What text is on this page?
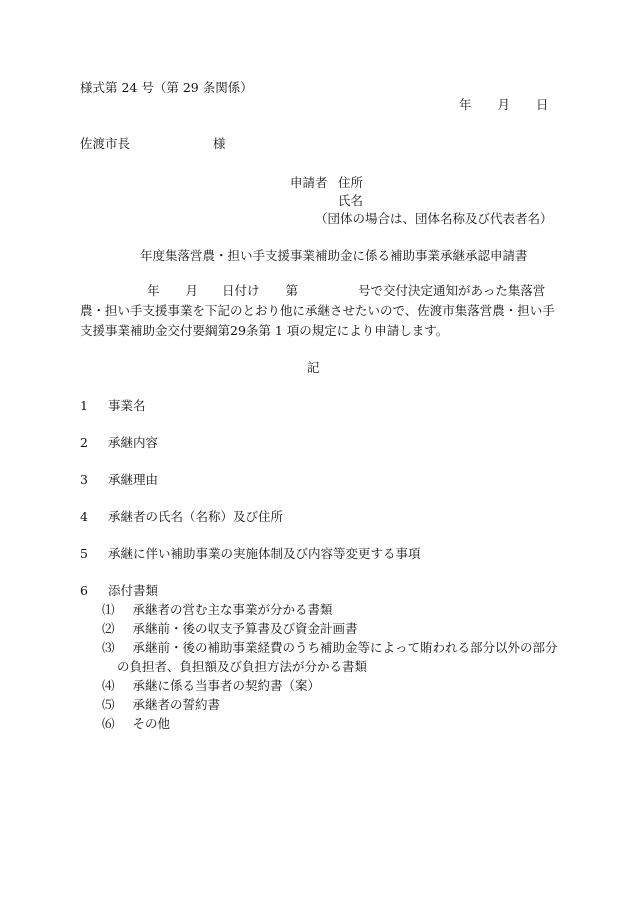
様式第 24 号（第 29 条関係）
年 月 日
佐渡市長	様
申請者 住所
氏名
（団体の場合は、団体名称及び代表者名）
年度集落営農・担い手支援事業補助金に係る補助事業承継承認申請書
年 月 日付け 第	号で交付決定通知があった集落営
農・担い手支援事業を下記のとおり他に承継させたいので、佐渡市集落営農・担い手
支援事業補助金交付要綱第29条第 1 項の規定により申請します。
記
1 事業名
2 承継内容
3 承継理由
4 承継者の氏名（名称）及び住所
5 承継に伴い補助事業の実施体制及び内容等変更する事項
6 添付書類
⑴ 承継者の営む主な事業が分かる書類
⑵ 承継前・後の収支予算書及び資金計画書
⑶ 承継前・後の補助事業経費のうち補助金等によって賄われる部分以外の部分
の負担者、負担額及び負担方法が分かる書類
⑷ 承継に係る当事者の契約書（案）
⑸ 承継者の誓約書
⑹ その他
